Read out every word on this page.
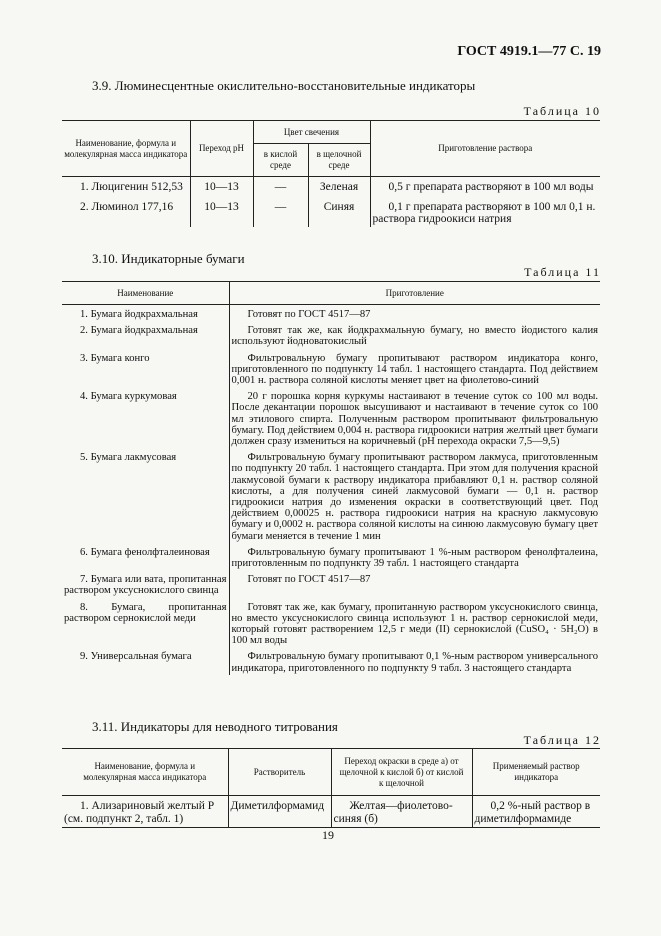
ГОСТ 4919.1—77 С. 19
3.9. Люминесцентные окислительно-восстановительные индикаторы
Таблица 10
Наименование, формула и молекулярная масса индикатора	Переход рН	Цвет свечения		Приготовление раствора
		в кислой среде	в щелочной среде	
1. Люцигенин 512,53	10—13	—	Зеленая	0,5 г препарата растворяют в 100 мл воды
2. Люминол 177,16	10—13	—	Синяя	0,1 г препарата растворяют в 100 мл 0,1 н. раствора гидроокиси натрия
3.10. Индикаторные бумаги
Таблица 11
Наименование	Приготовление
1. Бумага йодкрахмальная	Готовят по ГОСТ 4517—87
2. Бумага йодкрахмальная	Готовят так же, как йодкрахмальную бумагу, но вместо йодистого калия используют йодноватокислый
3. Бумага конго	Фильтровальную бумагу пропитывают раствором индикатора конго, приготовленного по подпункту 14 табл. 1 настоящего стандарта. Под действием 0,001 н. раствора соляной кислоты меняет цвет на фиолетово-синий
4. Бумага куркумовая	20 г порошка корня куркумы настаивают в течение суток со 100 мл воды. После декантации порошок высушивают и настаивают в течение суток со 100 мл этилового спирта. Полученным раствором пропитывают фильтровальную бумагу. Под действием 0,004 н. раствора гидроокиси натрия желтый цвет бумаги должен сразу измениться на коричневый (рН перехода окраски 7,5—9,5)
5. Бумага лакмусовая	Фильтровальную бумагу пропитывают раствором лакмуса, приготовленным по подпункту 20 табл. 1 настоящего стандарта. При этом для получения красной лакмусовой бумаги к раствору индикатора прибавляют 0,1 н. раствор соляной кислоты, а для получения синей лакмусовой бумаги — 0,1 н. раствор гидроокиси натрия до изменения окраски в соответствующий цвет. Под действием 0,00025 н. раствора гидроокиси натрия на красную лакмусовую бумагу и 0,0002 н. раствора соляной кислоты на синюю лакмусовую бумагу цвет бумаги меняется в течение 1 мин
6. Бумага фенолфталеиновая	Фильтровальную бумагу пропитывают 1 %-ным раствором фенолфталеина, приготовленным по подпункту 39 табл. 1 настоящего стандарта
7. Бумага или вата, пропитанная раствором уксуснокислого свинца	Готовят по ГОСТ 4517—87
8. Бумага, пропитанная раствором сернокислой меди	Готовят так же, как бумагу, пропитанную раствором уксуснокислого свинца, но вместо уксуснокислого свинца используют 1 н. раствор сернокислой меди, который готовят растворением 12,5 г меди (II) сернокислой (CuSO₄ · 5H₂O) в 100 мл воды
9. Универсальная бумага	Фильтровальную бумагу пропитывают 0,1 %-ным раствором универсального индикатора, приготовленного по подпункту 9 табл. 3 настоящего стандарта
3.11. Индикаторы для неводного титрования
Таблица 12
Наименование, формула и молекулярная масса индикатора	Растворитель	Переход окраски в среде а) от щелочной к кислой б) от кислой к щелочной	Применяемый раствор индикатора
1. Ализариновый желтый Р (см. подпункт 2, табл. 1)	Диметилформамид	Желтая—фиолетово-синяя (б)	0,2 %-ный раствор в диметилформамиде
19
